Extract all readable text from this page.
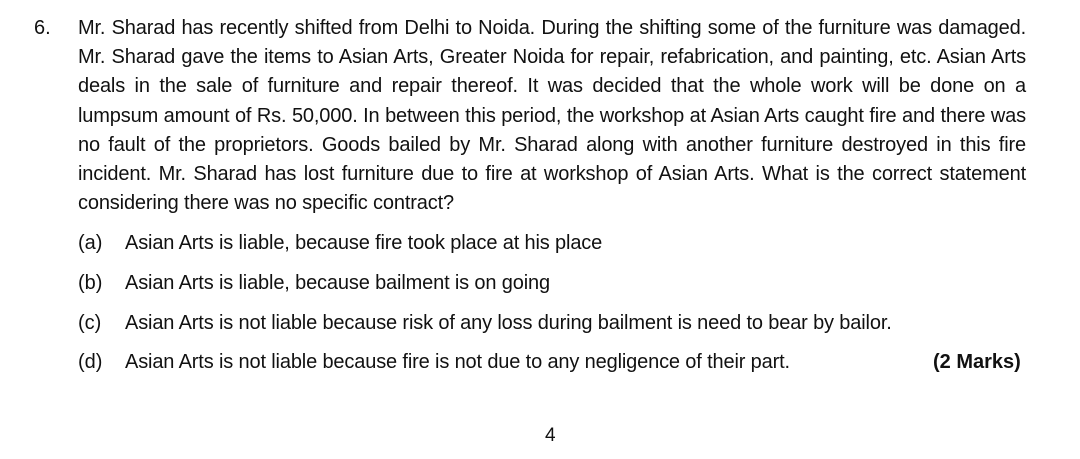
6. Mr. Sharad has recently shifted from Delhi to Noida. During the shifting some of the furniture was damaged. Mr. Sharad gave the items to Asian Arts, Greater Noida for repair, refabrication, and painting, etc. Asian Arts deals in the sale of furniture and repair thereof. It was decided that the whole work will be done on a lumpsum amount of Rs. 50,000. In between this period, the workshop at Asian Arts caught fire and there was no fault of the proprietors. Goods bailed by Mr. Sharad along with another furniture destroyed in this fire incident. Mr. Sharad has lost furniture due to fire at workshop of Asian Arts. What is the correct statement considering there was no specific contract?
(a) Asian Arts is liable, because fire took place at his place
(b) Asian Arts is liable, because bailment is on going
(c) Asian Arts is not liable because risk of any loss during bailment is need to bear by bailor.
(d) Asian Arts is not liable because fire is not due to any negligence of their part.	(2 Marks)
4
